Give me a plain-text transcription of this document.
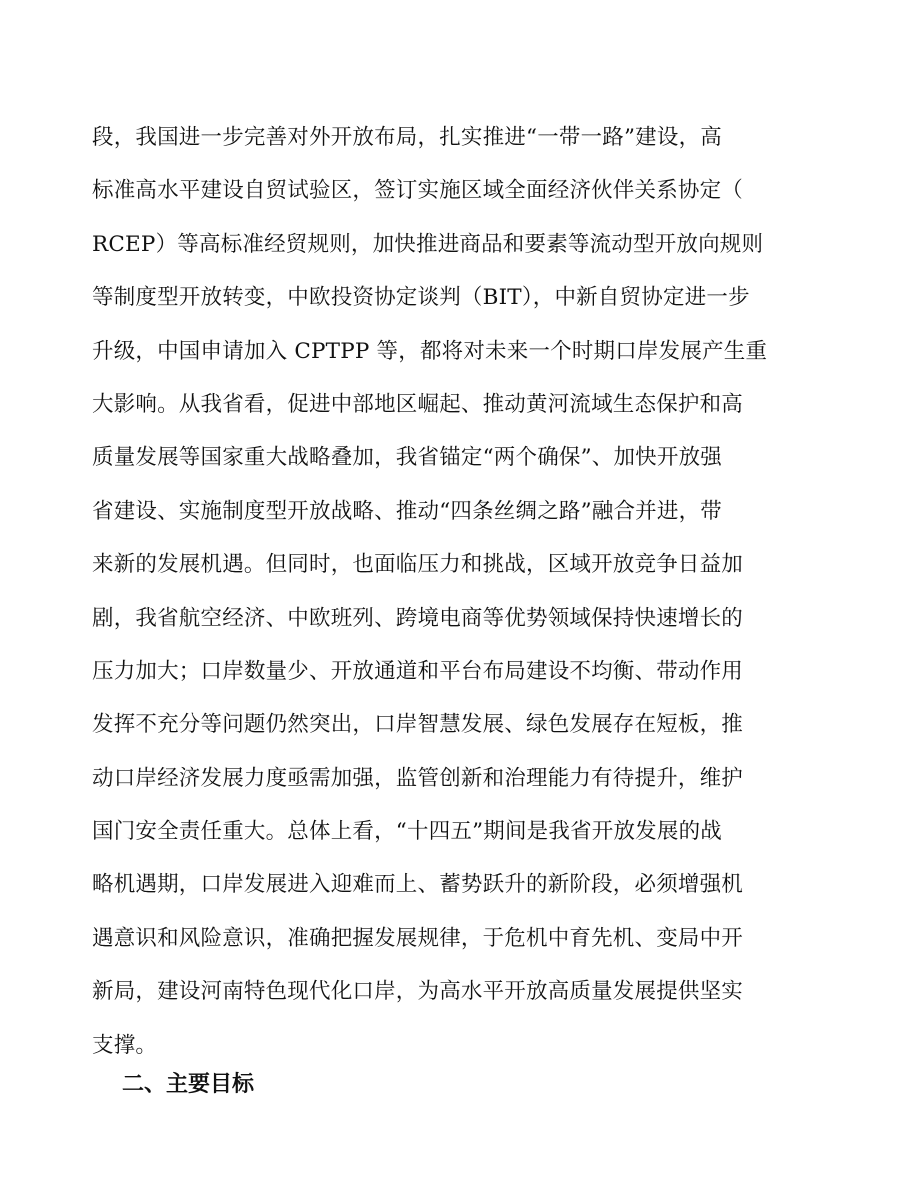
段，我国进一步完善对外开放布局，扎实推进“一带一路”建设，高
标准高水平建设自贸试验区，签订实施区域全面经济伙伴关系协定（
RCEP）等高标准经贸规则，加快推进商品和要素等流动型开放向规则
等制度型开放转变，中欧投资协定谈判（BIT），中新自贸协定进一步
升级，中国申请加入 CPTPP 等，都将对未来一个时期口岸发展产生重
大影响。从我省看，促进中部地区崛起、推动黄河流域生态保护和高
质量发展等国家重大战略叠加，我省锚定“两个确保”、加快开放强
省建设、实施制度型开放战略、推动“四条丝绸之路”融合并进，带
来新的发展机遇。但同时，也面临压力和挑战，区域开放竞争日益加
剧，我省航空经济、中欧班列、跨境电商等优势领域保持快速增长的
压力加大；口岸数量少、开放通道和平台布局建设不均衡、带动作用
发挥不充分等问题仍然突出，口岸智慧发展、绿色发展存在短板，推
动口岸经济发展力度亟需加强，监管创新和治理能力有待提升，维护
国门安全责任重大。总体上看，“十四五”期间是我省开放发展的战
略机遇期，口岸发展进入迎难而上、蓄势跃升的新阶段，必须增强机
遇意识和风险意识，准确把握发展规律，于危机中育先机、变局中开
新局，建设河南特色现代化口岸，为高水平开放高质量发展提供坚实
支撑。
二、主要目标
